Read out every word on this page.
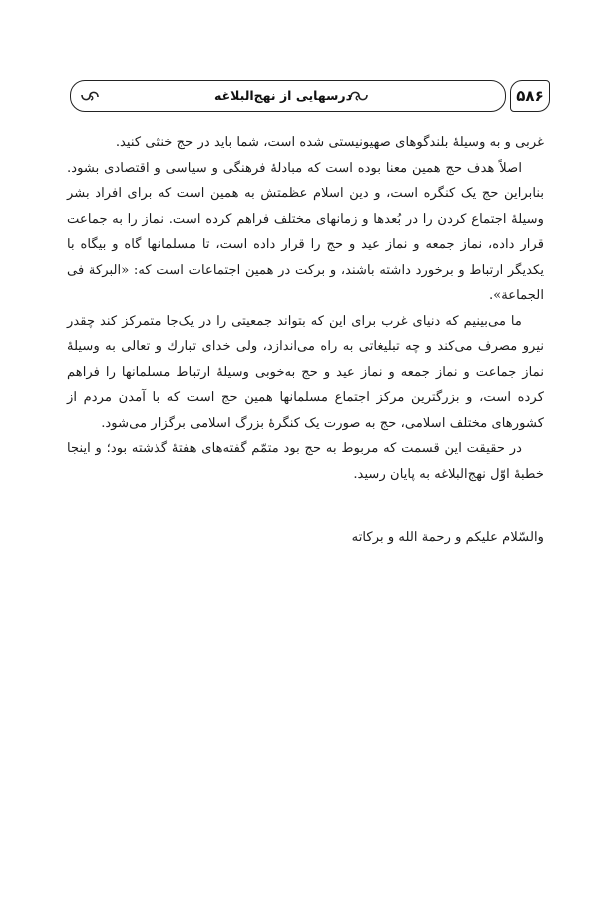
۵۸۶
درسهایی از نهج‌البلاغه

غربی و به وسیلهٔ بلندگوهای صهیونیستی شده است، شما باید در حج خنثی کنید.

اصلاً هدف حج همین معنا بوده است که مبادلهٔ فرهنگی و سیاسی و اقتصادی بشود. بنابراین حج یک کنگره است، و دین اسلام عظمتش به همین است که برای افراد بشر وسیلهٔ اجتماع کردن را در بُعدها و زمانهای مختلف فراهم کرده است. نماز را به جماعت قرار داده، نماز جمعه و نماز عید و حج را قرار داده است، تا مسلمانها گاه و بیگاه با یکدیگر ارتباط و برخورد داشته باشند، و برکت در همین اجتماعات است که: «البرکة فی الجماعة».

ما می‌بینیم که دنیای غرب برای این که بتواند جمعیتی را در یک‌جا متمرکز کند چقدر نیرو مصرف می‌کند و چه تبلیغاتی به راه می‌اندازد، ولی خدای تبارك و تعالی به وسیلهٔ نماز جماعت و نماز جمعه و نماز عید و حج به‌خوبی وسیلهٔ ارتباط مسلمانها را فراهم کرده است، و بزرگترین مرکز اجتماع مسلمانها همین حج است که با آمدن مردم از کشورهای مختلف اسلامی، حج به صورت یک کنگرهٔ بزرگ اسلامی برگزار می‌شود.

در حقیقت این قسمت که مربوط به حج بود متمّم گفته‌های هفتهٔ گذشته بود؛ و اینجا خطبهٔ اوّل نهج‌البلاغه به پایان رسید.

والسّلام علیکم و رحمة الله و برکاته
